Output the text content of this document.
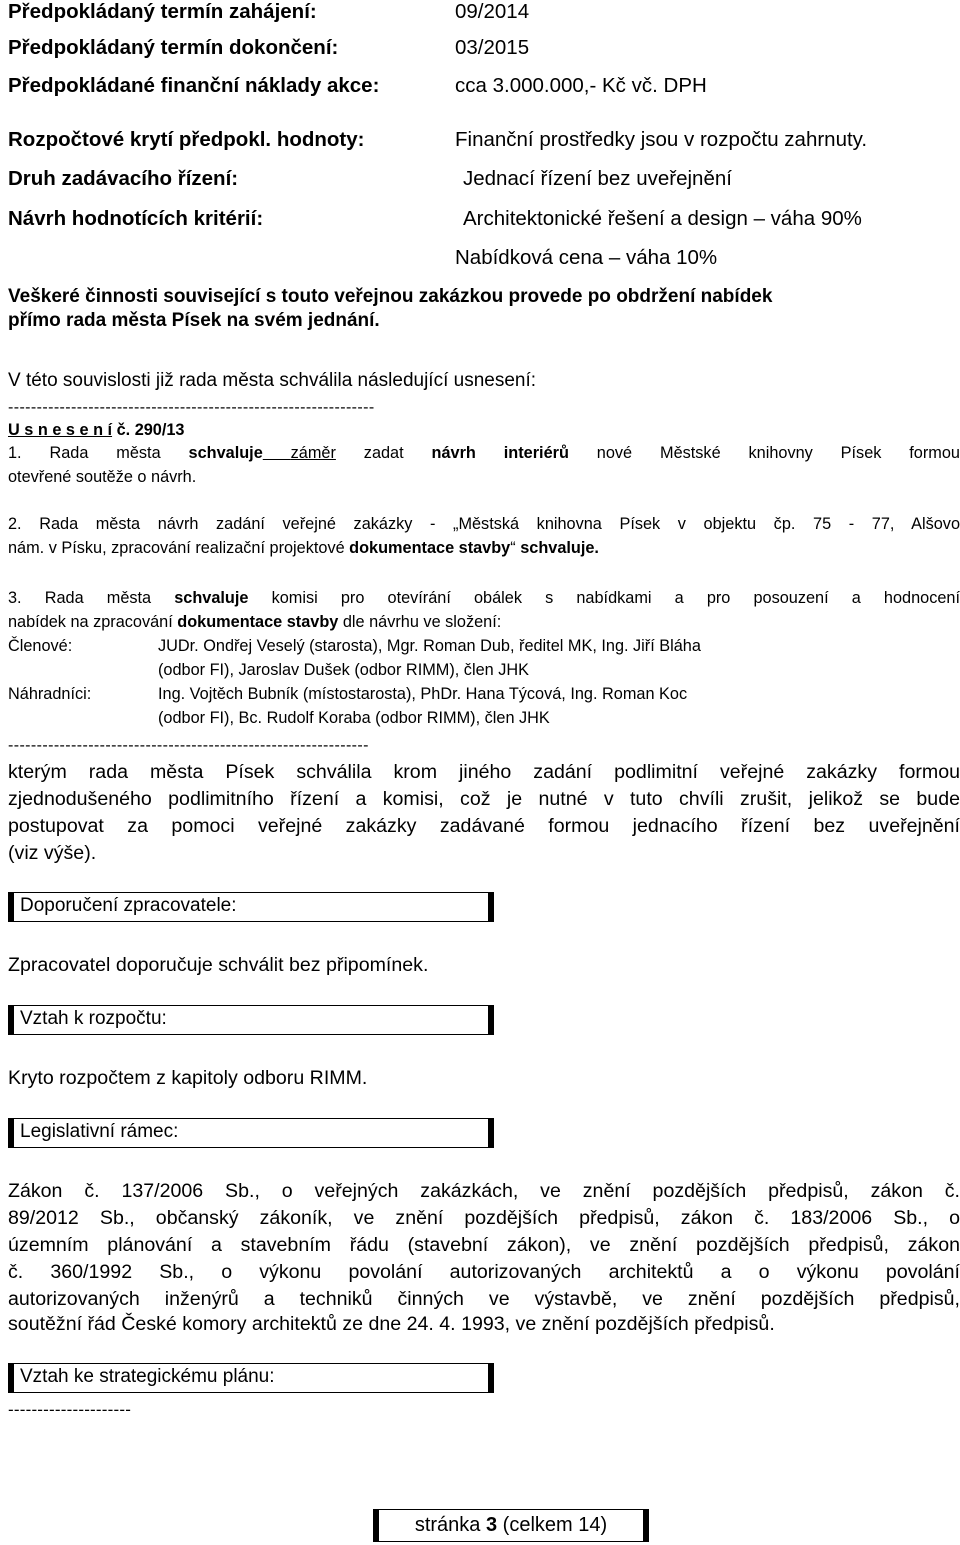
Předpokládaný termín zahájení:	09/2014
Předpokládaný termín dokončení:	03/2015
Předpokládané finanční náklady akce:	cca 3.000.000,- Kč vč. DPH
Rozpočtové krytí předpokl. hodnoty:	Finanční prostředky jsou v rozpočtu zahrnuty.
Druh zadávacího řízení:	Jednací řízení bez uveřejnění
Návrh hodnotících kritérií:	Architektonické řešení a design – váha 90%
Nabídková cena – váha 10%
Veškeré činnosti související s touto veřejnou zakázkou provede po obdržení nabídek
přímo rada města Písek na svém jednání.
V této souvislosti již rada města schválila následující usnesení:
----------------------------------------------------------------
U s n e s e n í č. 290/13
1. Rada města schvaluje záměr zadat návrh interiérů nové Městské knihovny Písek formou
otevřené soutěže o návrh.
2. Rada města návrh zadání veřejné zakázky - „Městská knihovna Písek v objektu čp. 75 - 77, Alšovo
nám. v Písku, zpracování realizační projektové dokumentace stavby“ schvaluje.
3. Rada města schvaluje komisi pro otevírání obálek s nabídkami a pro posouzení a hodnocení
nabídek na zpracování dokumentace stavby dle návrhu ve složení:
Členové:	JUDr. Ondřej Veselý (starosta), Mgr. Roman Dub, ředitel MK, Ing. Jiří Bláha
(odbor FI), Jaroslav Dušek (odbor RIMM), člen JHK
Náhradníci:	Ing. Vojtěch Bubník (místostarosta), PhDr. Hana Týcová, Ing. Roman Koc
(odbor FI), Bc. Rudolf Koraba (odbor RIMM), člen JHK
---------------------------------------------------------------
kterým rada města Písek schválila krom jiného zadání podlimitní veřejné zakázky formou
zjednodušeného podlimitního řízení a komisi, což je nutné v tuto chvíli zrušit, jelikož se bude
postupovat za pomoci veřejné zakázky zadávané formou jednacího řízení bez uveřejnění
(viz výše).
Doporučení zpracovatele:
Zpracovatel doporučuje schválit bez připomínek.
Vztah k rozpočtu:
Kryto rozpočtem z kapitoly odboru RIMM.
Legislativní rámec:
Zákon č. 137/2006 Sb., o veřejných zakázkách, ve znění pozdějších předpisů, zákon č.
89/2012 Sb., občanský zákoník, ve znění pozdějších předpisů, zákon č. 183/2006 Sb., o
územním plánování a stavebním řádu (stavební zákon), ve znění pozdějších předpisů, zákon
č. 360/1992 Sb., o výkonu povolání autorizovaných architektů a o výkonu povolání
autorizovaných inženýrů a techniků činných ve výstavbě, ve znění pozdějších předpisů,
soutěžní řád České komory architektů ze dne 24. 4. 1993, ve znění pozdějších předpisů.
Vztah ke strategickému plánu:
---------------------
stránka 3 (celkem 14)
